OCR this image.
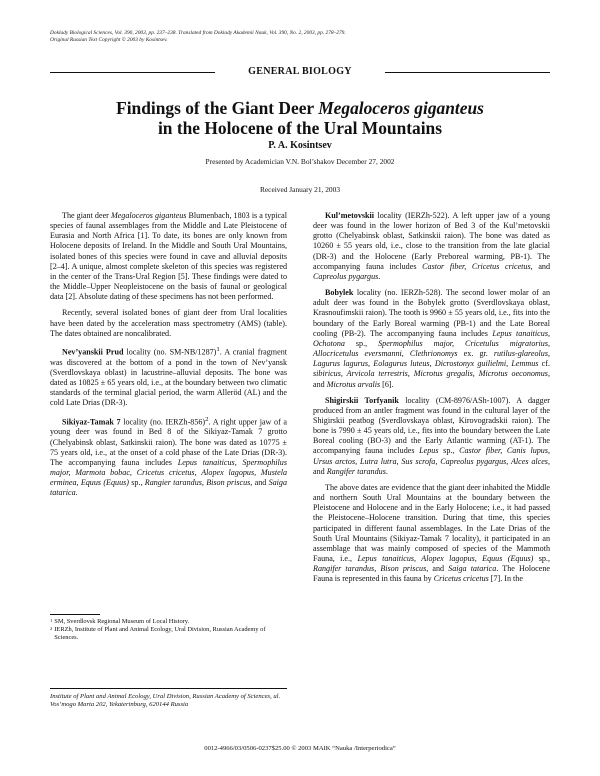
Doklady Biological Sciences, Vol. 390, 2003, pp. 237–238. Translated from Doklady Akademii Nauk, Vol. 390, No. 2, 2003, pp. 278–279.
Original Russian Text Copyright © 2003 by Kosintsev.
GENERAL BIOLOGY
Findings of the Giant Deer Megaloceros giganteus
in the Holocene of the Ural Mountains
P. A. Kosintsev
Presented by Academician V.N. Bol’shakov December 27, 2002
Received January 21, 2003

The giant deer Megaloceros giganteus Blumenbach, 1803 is a typical species of faunal assemblages from the Middle and Late Pleistocene of Eurasia and North Africa [1]. To date, its bones are only known from Holocene deposits of Ireland. In the Middle and South Ural Mountains, isolated bones of this species were found in cave and alluvial deposits [2–4]. A unique, almost complete skeleton of this species was registered in the center of the Trans-Ural Region [5]. These findings were dated to the Middle–Upper Neopleistocene on the basis of faunal or geological data [2]. Absolute dating of these specimens has not been performed.

Recently, several isolated bones of giant deer from Ural localities have been dated by the acceleration mass spectrometry (AMS) (table). The dates obtained are noncalibrated.

Nev’yanskii Prud locality (no. SM-NB/1287)$^1$. A cranial fragment was discovered at the bottom of a pond in the town of Nev’yansk (Sverdlovskaya oblast) in lacustrine–alluvial deposits. The bone was dated as 10825 ± 65 years old, i.e., at the boundary between two climatic standards of the terminal glacial period, the warm Alleröd (AL) and the cold Late Drias (DR-3).

Sikiyaz-Tamak 7 locality (no. IERZh-856)$^2$. A right upper jaw of a young deer was found in Bed 8 of the Sikiyaz-Tamak 7 grotto (Chelyabinsk oblast, Satkinskii raion). The bone was dated as 10775 ± 75 years old, i.e., at the onset of a cold phase of the Late Drias (DR-3). The accompanying fauna includes Lepus tanaiticus, Spermophilus major, Marmota bobac, Cricetus cricetus, Alopex lagopus, Mustela erminea, Equus (Equus) sp., Rangier tarandus, Bison priscus, and Saiga tatarica.

1 SM, Sverdlovsk Regional Museum of Local History.
2 IERZh, Institute of Plant and Animal Ecology, Ural Division, Russian Academy of Sciences.
Institute of Plant and Animal Ecology, Ural Division, Russian Academy of Sciences, ul. Vos’mogo Marta 202, Yekaterinburg, 620144 Russia

Kul’metovskii locality (IERZh-522). A left upper jaw of a young deer was found in the lower horizon of Bed 3 of the Kul’metovskii grotto (Chelyabinsk oblast, Satkinskii raion). The bone was dated as 10260 ± 55 years old, i.e., close to the transition from the late glacial (DR-3) and the Holocene (Early Preboreal warming, PB-1). The accompanying fauna includes Castor fiber, Cricetus cricetus, and Capreolus pygargus.

Bobylek locality (no. IERZh-528). The second lower molar of an adult deer was found in the Bobylek grotto (Sverdlovskaya oblast, Krasnoufimskii raion). The tooth is 9960 ± 55 years old, i.e., fits into the boundary of the Early Boreal warming (PB-1) and the Late Boreal cooling (PB-2). The accompanying fauna includes Lepus tanaiticus, Ochotona sp., Spermophilus major, Cricetulus migratorius, Allocricetulus eversmanni, Clethrionomys ex. gr. rutilus-glareolus, Lagurus lagurus, Eolagurus luteus, Dicrostonyx guilielmi, Lemmus cf. sibiricus, Arvicola terrestris, Microtus gregalis, Microtus oeconomus, and Microtus arvalis [6].

Shigirskii Torfyanik locality (CM-8976/ASh-1007). A dagger produced from an antler fragment was found in the cultural layer of the Shigirskii peatbog (Sverdlovskaya oblast, Kirovogradskii raion). The bone is 7990 ± 45 years old, i.e., fits into the boundary between the Late Boreal cooling (BO-3) and the Early Atlantic warming (AT-1). The accompanying fauna includes Lepus sp., Castor fiber, Canis lupus, Ursus arctos, Lutra lutra, Sus scrofa, Capreolus pygargus, Alces alces, and Rangifer tarandus.

The above dates are evidence that the giant deer inhabited the Middle and northern South Ural Mountains at the boundary between the Pleistocene and Holocene and in the Early Holocene; i.e., it had passed the Pleistocene–Holocene transition. During that time, this species participated in different faunal assemblages. In the Late Drias of the South Ural Mountains (Sikiyaz-Tamak 7 locality), it participated in an assemblage that was mainly composed of species of the Mammoth Fauna, i.e., Lepus tanaiticus, Alopex lagopus, Equus (Equus) sp., Rangifer tarandus, Bison priscus, and Saiga tatarica. The Holocene Fauna is represented in this fauna by Cricetus cricetus [7]. In the

0012-4966/03/0506-0237$25.00 © 2003 MAIK “Nauka /Interperiodica”
